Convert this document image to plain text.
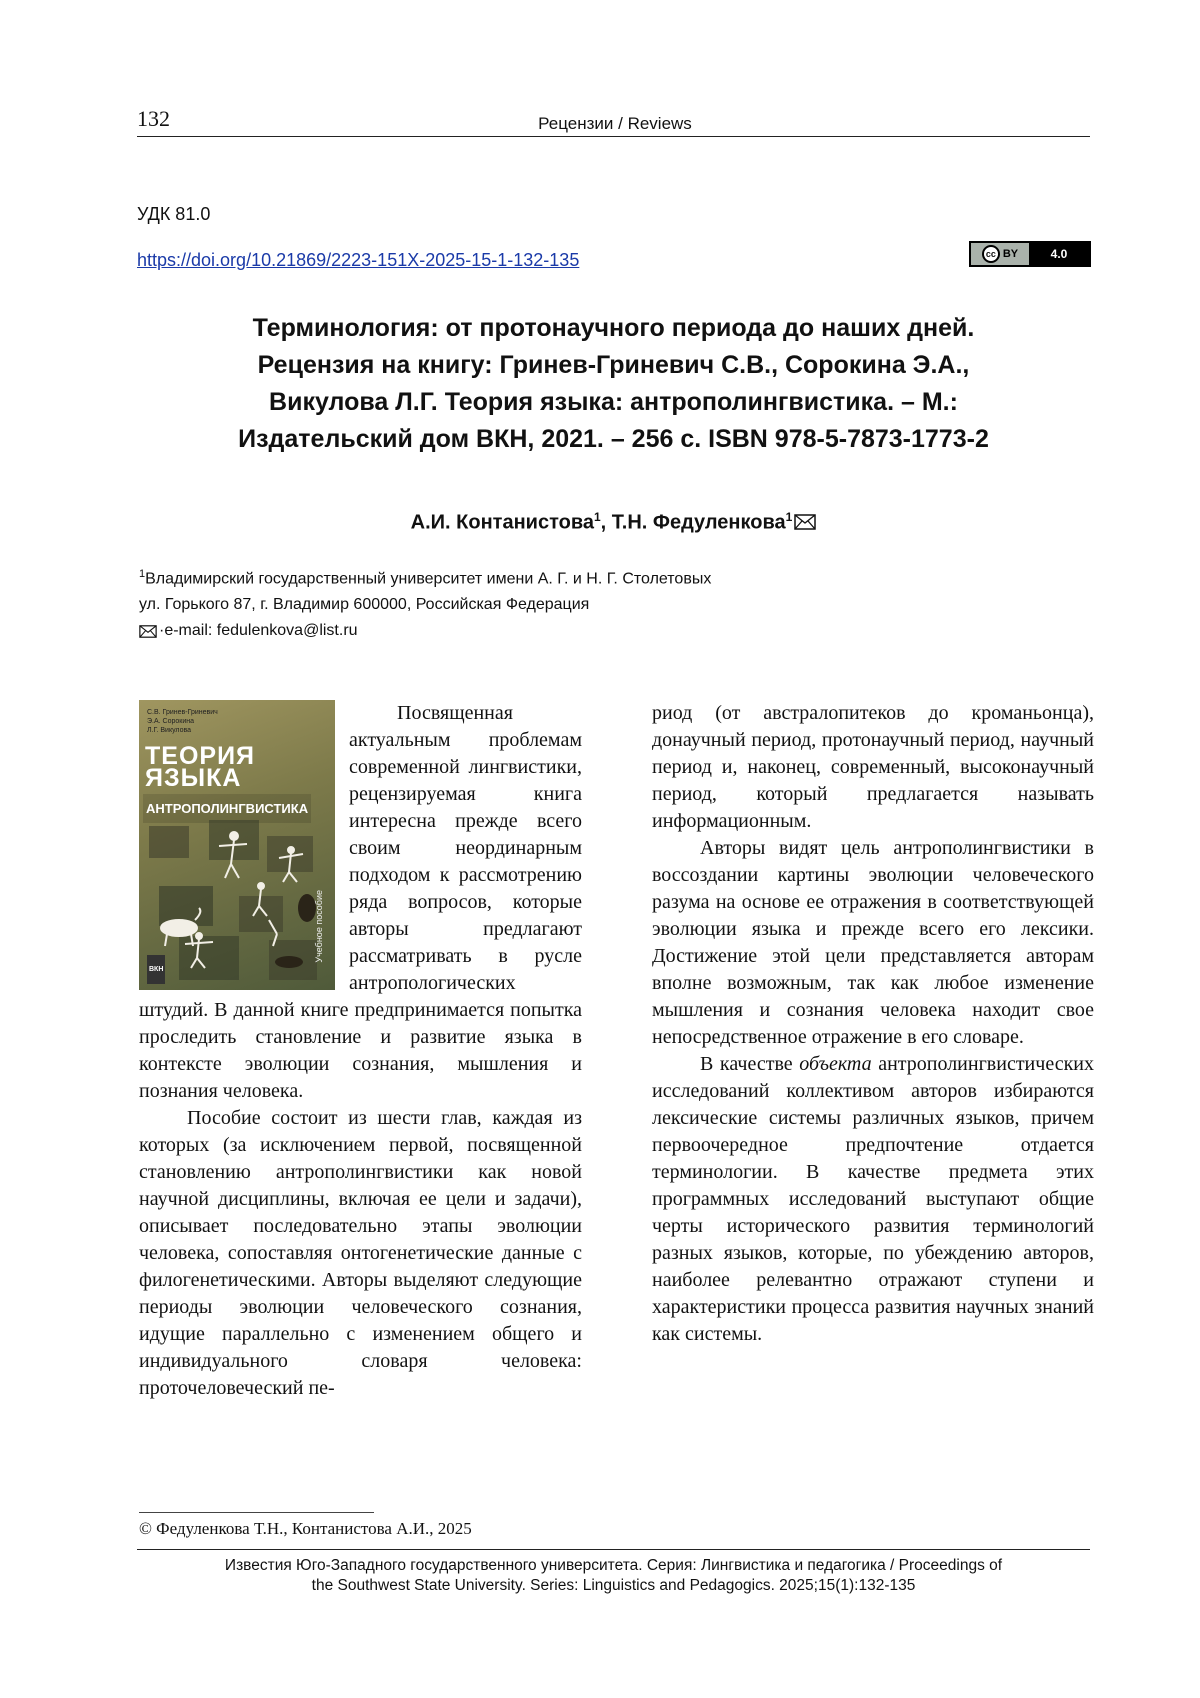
132	Рецензии / Reviews
УДК 81.0
https://doi.org/10.21869/2223-151X-2025-15-1-132-135	cc BY	4.0
Терминология: от протонаучного периода до наших дней.
Рецензия на книгу: Гринев-Гриневич С.В., Сорокина Э.А.,
Викулова Л.Г. Теория языка: антрополингвистика. – М.:
Издательский дом ВКН, 2021. – 256 с. ISBN 978-5-7873-1773-2
А.И. Контанистова$^1$, Т.Н. Федуленкова$^1$
$^1$Владимирский государственный университет имени А. Г. и Н. Г. Столетовых
ул. Горького 87, г. Владимир 600000, Российская Федерация
·e-mail: fedulenkova@list.ru
С.В. Гринев-Гриневич
Э.А. Сорокина
Л.Г. Викулова
ТЕОРИЯ
ЯЗЫКА
АНТРОПОЛИНГВИСТИКА
Учебное пособие
ВКН

Посвященная актуальным проблемам современной лингвистики, рецензируемая книга интересна прежде всего своим неординарным подходом к рассмотрению ряда вопросов, которые авторы предлагают рассматривать в русле антропологических штудий. В данной книге предпринимается попытка проследить становление и развитие языка в контексте эволюции сознания, мышления и познания человека.

Пособие состоит из шести глав, каждая из которых (за исключением первой, посвященной становлению антрополингвистики как новой научной дисциплины, включая ее цели и задачи), описывает последовательно этапы эволюции человека, сопоставляя онтогенетические данные с филогенетическими. Авторы выделяют следующие периоды эволюции человеческого сознания, идущие параллельно с изменением общего и индивидуального словаря человека: проточеловеческий пе-

риод (от австралопитеков до кроманьонца), донаучный период, протонаучный период, научный период и, наконец, современный, высоконаучный период, который предлагается называть информационным.

Авторы видят цель антрополингвистики в воссоздании картины эволюции человеческого разума на основе ее отражения в соответствующей эволюции языка и прежде всего его лексики. Достижение этой цели представляется авторам вполне возможным, так как любое изменение мышления и сознания человека находит свое непосредственное отражение в его словаре.

В качестве объекта антрополингвистических исследований коллективом авторов избираются лексические системы различных языков, причем первоочередное предпочтение отдается терминологии. В качестве предмета этих программных исследований выступают общие черты исторического развития терминологий разных языков, которые, по убеждению авторов, наиболее релевантно отражают ступени и характеристики процесса развития научных знаний как системы.

© Федуленкова Т.Н., Контанистова А.И., 2025
Известия Юго-Западного государственного университета. Серия: Лингвистика и педагогика / Proceedings of
the Southwest State University. Series: Linguistics and Pedagogics. 2025;15(1):132-135
